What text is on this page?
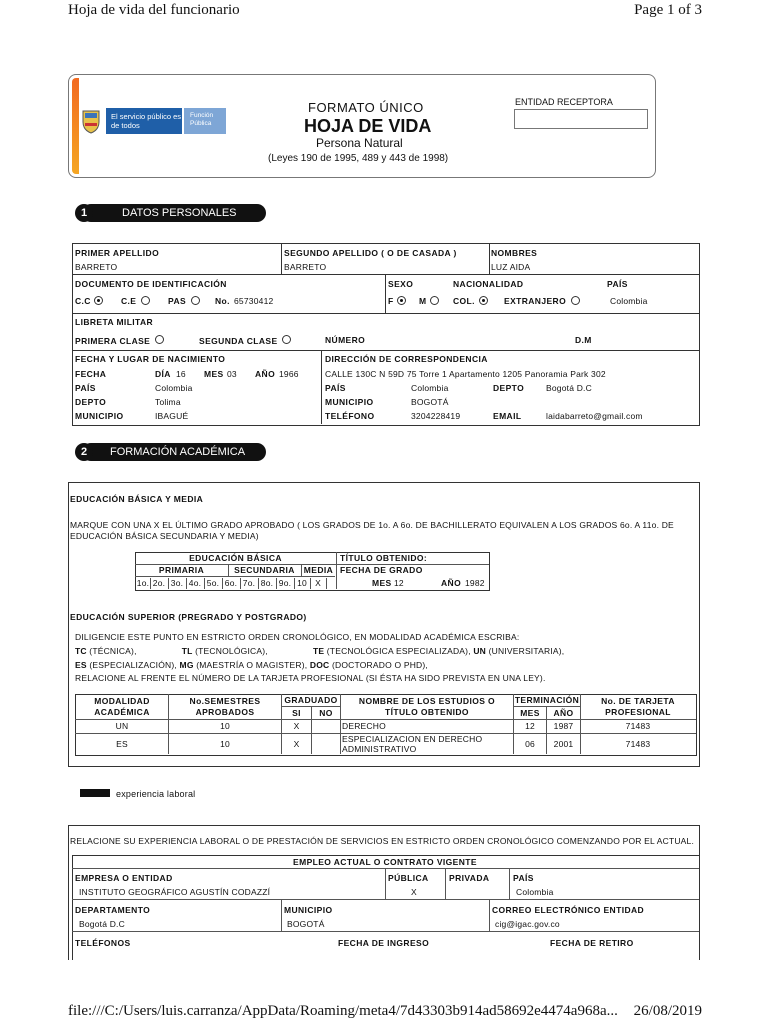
Hoja de vida del funcionario	Page 1 of 3
file:///C:/Users/luis.carranza/AppData/Roaming/meta4/7d43303b914ad58692e4474a968a... 26/08/2019
El servicio público es de todos
Función Pública
FORMATO ÚNICO
HOJA DE VIDA
Persona Natural
(Leyes 190 de 1995, 489 y 443 de 1998)
ENTIDAD RECEPTORA
DATOS PERSONALES
1
PRIMER APELLIDO
BARRETO
SEGUNDO APELLIDO ( O DE CASADA )
BARRETO
NOMBRES
LUZ AIDA
DOCUMENTO DE IDENTIFICACIÓN
C.C	C.E	PAS	No. 65730412
SEXO
F	M
NACIONALIDAD
COL.	EXTRANJERO
PAÍS
Colombia
LIBRETA MILITAR
PRIMERA CLASE	SEGUNDA CLASE	NÚMERO	D.M
FECHA Y LUGAR DE NACIMIENTO
FECHA	DÍA 16 MES 03 AÑO 1966
PAÍS	Colombia
DEPTO	Tolima
MUNICIPIO	IBAGUÉ
DIRECCIÓN DE CORRESPONDENCIA
CALLE 130C N 59D 75 Torre 1 Apartamento 1205 Panoramia Park 302
PAÍS	Colombia	DEPTO	Bogotá D.C
MUNICIPIO	BOGOTÁ
TELÉFONO	3204228419	EMAIL	laidabarreto@gmail.com
FORMACIÓN ACADÉMICA
2
EDUCACIÓN BÁSICA Y MEDIA
MARQUE CON UNA X EL ÚLTIMO GRADO APROBADO ( LOS GRADOS DE 1o. A 6o. DE BACHILLERATO EQUIVALEN A LOS GRADOS 6o. A 11o. DE EDUCACIÓN BÁSICA SECUNDARIA Y MEDIA)
EDUCACIÓN BÁSICA	TÍTULO OBTENIDO:
PRIMARIA	SECUNDARIA	MEDIA FECHA DE GRADO
1o. 2o. 3o. 4o. 5o. 6o. 7o. 8o. 9o. 10 X	MES 12	AÑO 1982
EDUCACIÓN SUPERIOR (PREGRADO Y POSTGRADO)
DILIGENCIE ESTE PUNTO EN ESTRICTO ORDEN CRONOLÓGICO, EN MODALIDAD ACADÉMICA ESCRIBA:
TC (TÉCNICA),	TL (TECNOLÓGICA),	TE (TECNOLÓGICA ESPECIALIZADA), UN (UNIVERSITARIA),
ES (ESPECIALIZACIÓN), MG (MAESTRÍA O MAGISTER), DOC (DOCTORADO O PHD),
RELACIONE AL FRENTE EL NÚMERO DE LA TARJETA PROFESIONAL (SI ÉSTA HA SIDO PREVISTA EN UNA LEY).
MODALIDAD ACADÉMICA
No.SEMESTRES APROBADOS
GRADUADO
SI	NO
NOMBRE DE LOS ESTUDIOS O TÍTULO OBTENIDO
TERMINACIÓN
MES	AÑO
No. DE TARJETA PROFESIONAL
UN	10	X	DERECHO	12	1987	71483
ES	10	X	ESPECIALIZACION EN DERECHO ADMINISTRATIVO	06	2001	71483
experiencia laboral
RELACIONE SU EXPERIENCIA LABORAL O DE PRESTACIÓN DE SERVICIOS EN ESTRICTO ORDEN CRONOLÓGICO COMENZANDO POR EL ACTUAL.
EMPLEO ACTUAL O CONTRATO VIGENTE
EMPRESA O ENTIDAD
INSTITUTO GEOGRÁFICO AGUSTÍN CODAZZÍ
PÚBLICA
X
PRIVADA	PAÍS
Colombia
DEPARTAMENTO
Bogotá D.C
MUNICIPIO
BOGOTÁ
CORREO ELECTRÓNICO ENTIDAD
cig@igac.gov.co
TELÉFONOS	FECHA DE INGRESO	FECHA DE RETIRO
